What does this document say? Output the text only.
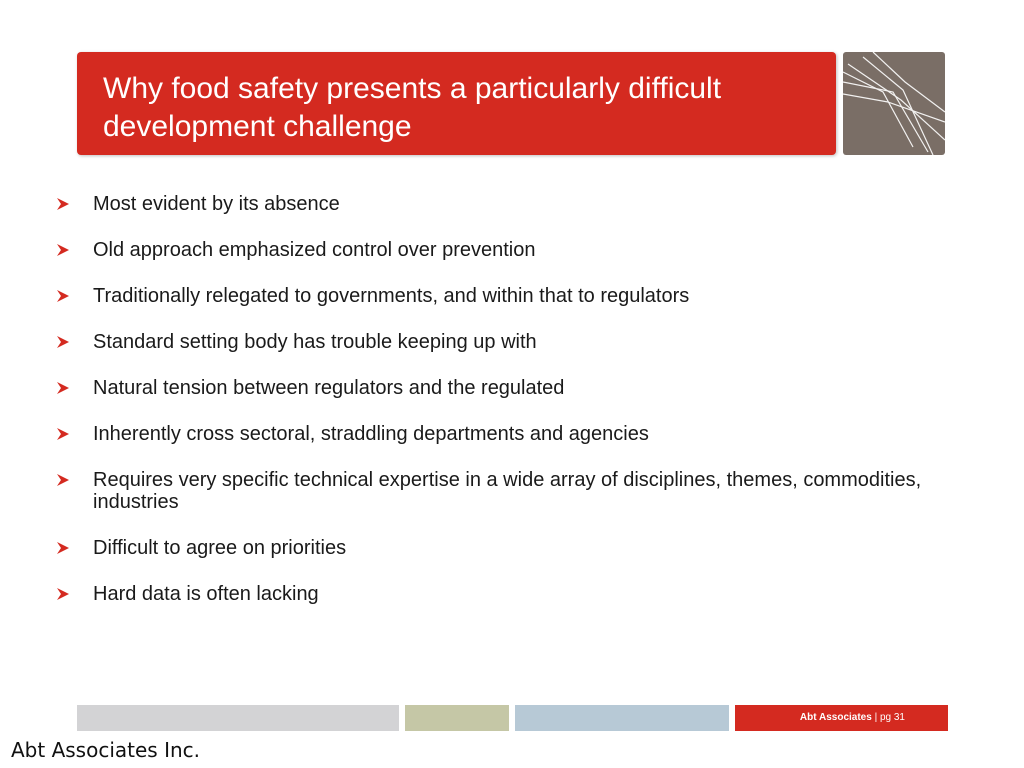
Why food safety presents a particularly difficult development challenge
Most evident by its absence
Old approach emphasized control over prevention
Traditionally relegated to governments, and within that to regulators
Standard setting body has trouble keeping up with
Natural tension between regulators and the regulated
Inherently cross sectoral, straddling departments and agencies
Requires very specific technical expertise in a wide array of disciplines, themes, commodities, industries
Difficult to agree on priorities
Hard data is often lacking
Abt Associates | pg 31
Abt Associates Inc.
